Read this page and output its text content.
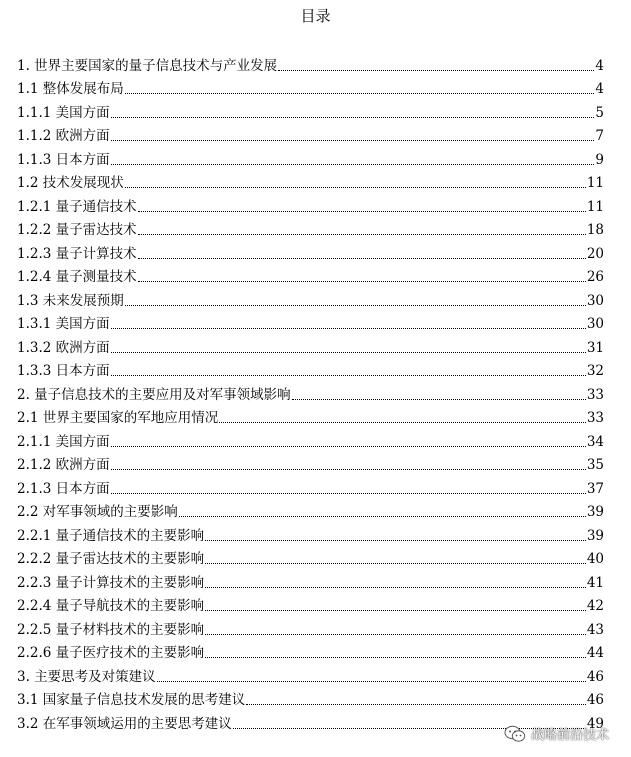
目录
1. 世界主要国家的量子信息技术与产业发展	4
1.1 整体发展布局	4
1.1.1 美国方面	5
1.1.2 欧洲方面	7
1.1.3 日本方面	9
1.2 技术发展现状	11
1.2.1 量子通信技术	11
1.2.2 量子雷达技术	18
1.2.3 量子计算技术	20
1.2.4 量子测量技术	26
1.3 未来发展预期	30
1.3.1 美国方面	30
1.3.2 欧洲方面	31
1.3.3 日本方面	32
2. 量子信息技术的主要应用及对军事领域影响	33
2.1 世界主要国家的军地应用情况	33
2.1.1 美国方面	34
2.1.2 欧洲方面	35
2.1.3 日本方面	37
2.2 对军事领域的主要影响	39
2.2.1 量子通信技术的主要影响	39
2.2.2 量子雷达技术的主要影响	40
2.2.3 量子计算技术的主要影响	41
2.2.4 量子导航技术的主要影响	42
2.2.5 量子材料技术的主要影响	43
2.2.6 量子医疗技术的主要影响	44
3. 主要思考及对策建议	46
3.1 国家量子信息技术发展的思考建议	46
3.2 在军事领域运用的主要思考建议	49
战略前沿技术
